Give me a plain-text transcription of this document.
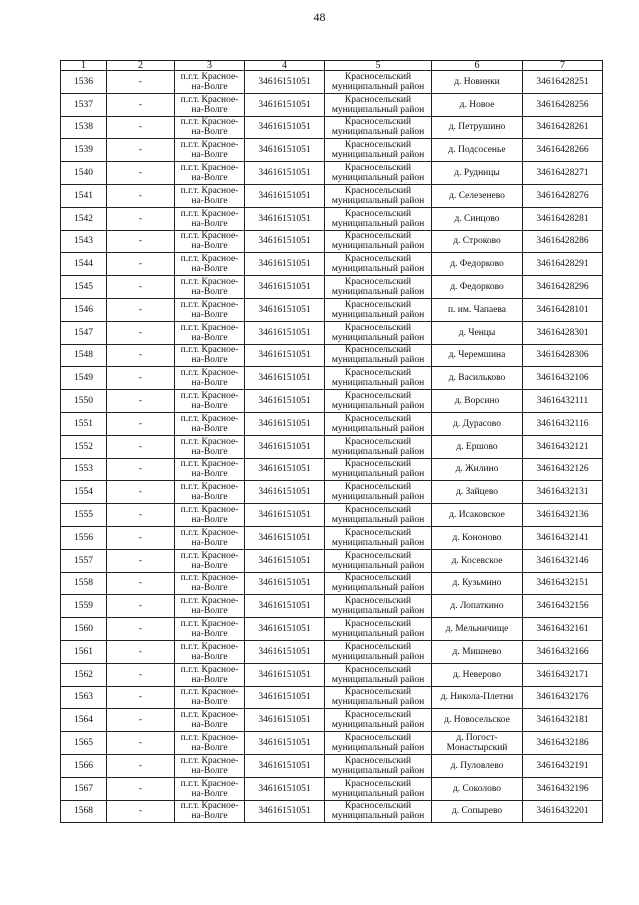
48
1	2	3	4	5	6	7

1536	-	п.г.т. Красное-
на-Волге	34616151051	Красносельский
муниципальный район	д. Новинки	34616428251

1537	-	п.г.т. Красное-
на-Волге	34616151051	Красносельский
муниципальный район	д. Новое	34616428256

1538	-	п.г.т. Красное-
на-Волге	34616151051	Красносельский
муниципальный район	д. Петрушино	34616428261

1539	-	п.г.т. Красное-
на-Волге	34616151051	Красносельский
муниципальный район	д. Подсосенье	34616428266

1540	-	п.г.т. Красное-
на-Волге	34616151051	Красносельский
муниципальный район	д. Рудницы	34616428271

1541	-	п.г.т. Красное-
на-Волге	34616151051	Красносельский
муниципальный район	д. Селезенево	34616428276

1542	-	п.г.т. Красное-
на-Волге	34616151051	Красносельский
муниципальный район	д. Синцово	34616428281

1543	-	п.г.т. Красное-
на-Волге	34616151051	Красносельский
муниципальный район	д. Строково	34616428286

1544	-	п.г.т. Красное-
на-Волге	34616151051	Красносельский
муниципальный район	д. Федорково	34616428291

1545	-	п.г.т. Красное-
на-Волге	34616151051	Красносельский
муниципальный район	д. Федорково	34616428296

1546	-	п.г.т. Красное-
на-Волге	34616151051	Красносельский
муниципальный район	п. им. Чапаева	34616428101

1547	-	п.г.т. Красное-
на-Волге	34616151051	Красносельский
муниципальный район	д. Ченцы	34616428301

1548	-	п.г.т. Красное-
на-Волге	34616151051	Красносельский
муниципальный район	д. Черемшина	34616428306

1549	-	п.г.т. Красное-
на-Волге	34616151051	Красносельский
муниципальный район	д. Васильково	34616432106

1550	-	п.г.т. Красное-
на-Волге	34616151051	Красносельский
муниципальный район	д. Ворсино	34616432111

1551	-	п.г.т. Красное-
на-Волге	34616151051	Красносельский
муниципальный район	д. Дурасово	34616432116

1552	-	п.г.т. Красное-
на-Волге	34616151051	Красносельский
муниципальный район	д. Ершово	34616432121

1553	-	п.г.т. Красное-
на-Волге	34616151051	Красносельский
муниципальный район	д. Жилино	34616432126

1554	-	п.г.т. Красное-
на-Волге	34616151051	Красносельский
муниципальный район	д. Зайцево	34616432131

1555	-	п.г.т. Красное-
на-Волге	34616151051	Красносельский
муниципальный район	д. Исаковское	34616432136

1556	-	п.г.т. Красное-
на-Волге	34616151051	Красносельский
муниципальный район	д. Кононово	34616432141

1557	-	п.г.т. Красное-
на-Волге	34616151051	Красносельский
муниципальный район	д. Косевское	34616432146

1558	-	п.г.т. Красное-
на-Волге	34616151051	Красносельский
муниципальный район	д. Кузьмино	34616432151

1559	-	п.г.т. Красное-
на-Волге	34616151051	Красносельский
муниципальный район	д. Лопаткино	34616432156

1560	-	п.г.т. Красное-
на-Волге	34616151051	Красносельский
муниципальный район	д. Мельничище	34616432161

1561	-	п.г.т. Красное-
на-Волге	34616151051	Красносельский
муниципальный район	д. Мишнево	34616432166

1562	-	п.г.т. Красное-
на-Волге	34616151051	Красносельский
муниципальный район	д. Неверово	34616432171

1563	-	п.г.т. Красное-
на-Волге	34616151051	Красносельский
муниципальный район	д. Никола-Плетни	34616432176

1564	-	п.г.т. Красное-
на-Волге	34616151051	Красносельский
муниципальный район	д. Новосельское	34616432181

1565	-	п.г.т. Красное-
на-Волге	34616151051	Красносельский
муниципальный район	д. Погост-
Монастырский	34616432186

1566	-	п.г.т. Красное-
на-Волге	34616151051	Красносельский
муниципальный район	д. Пуловлево	34616432191

1567	-	п.г.т. Красное-
на-Волге	34616151051	Красносельский
муниципальный район	д. Соколово	34616432196

1568	-	п.г.т. Красное-
на-Волге	34616151051	Красносельский
муниципальный район	д. Сопырево	34616432201
